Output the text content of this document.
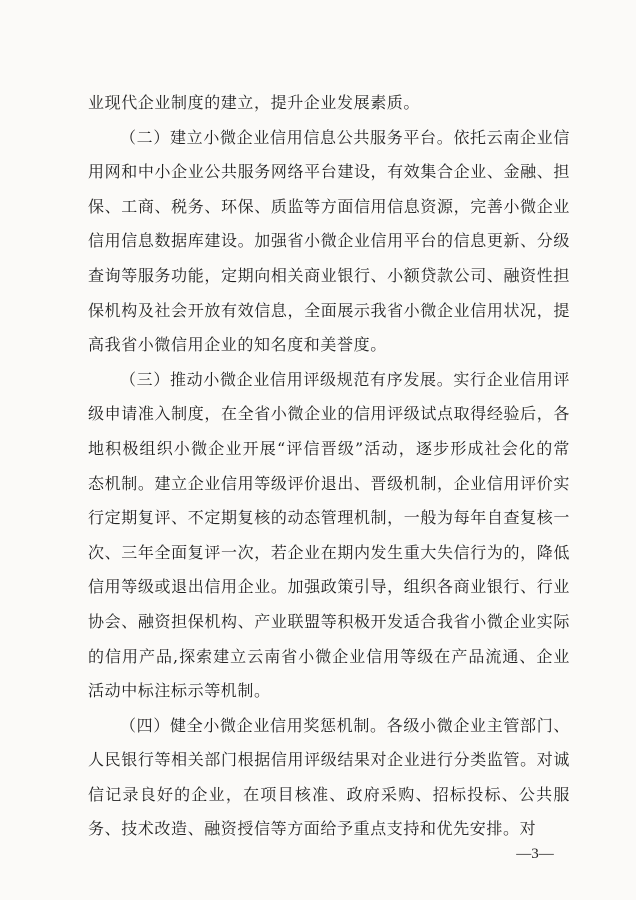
业现代企业制度的建立，提升企业发展素质。

（二）建立小微企业信用信息公共服务平台。依托云南企业信用网和中小企业公共服务网络平台建设，有效集合企业、金融、担保、工商、税务、环保、质监等方面信用信息资源，完善小微企业信用信息数据库建设。加强省小微企业信用平台的信息更新、分级查询等服务功能，定期向相关商业银行、小额贷款公司、融资性担保机构及社会开放有效信息，全面展示我省小微企业信用状况，提高我省小微信用企业的知名度和美誉度。

（三）推动小微企业信用评级规范有序发展。实行企业信用评级申请准入制度，在全省小微企业的信用评级试点取得经验后，各地积极组织小微企业开展“评信晋级”活动，逐步形成社会化的常态机制。建立企业信用等级评价退出、晋级机制，企业信用评价实行定期复评、不定期复核的动态管理机制，一般为每年自查复核一次、三年全面复评一次，若企业在期内发生重大失信行为的，降低信用等级或退出信用企业。加强政策引导，组织各商业银行、行业协会、融资担保机构、产业联盟等积极开发适合我省小微企业实际的信用产品,探索建立云南省小微企业信用等级在产品流通、企业活动中标注标示等机制。

（四）健全小微企业信用奖惩机制。各级小微企业主管部门、人民银行等相关部门根据信用评级结果对企业进行分类监管。对诚信记录良好的企业，在项目核准、政府采购、招标投标、公共服务、技术改造、融资授信等方面给予重点支持和优先安排。对

—3—
